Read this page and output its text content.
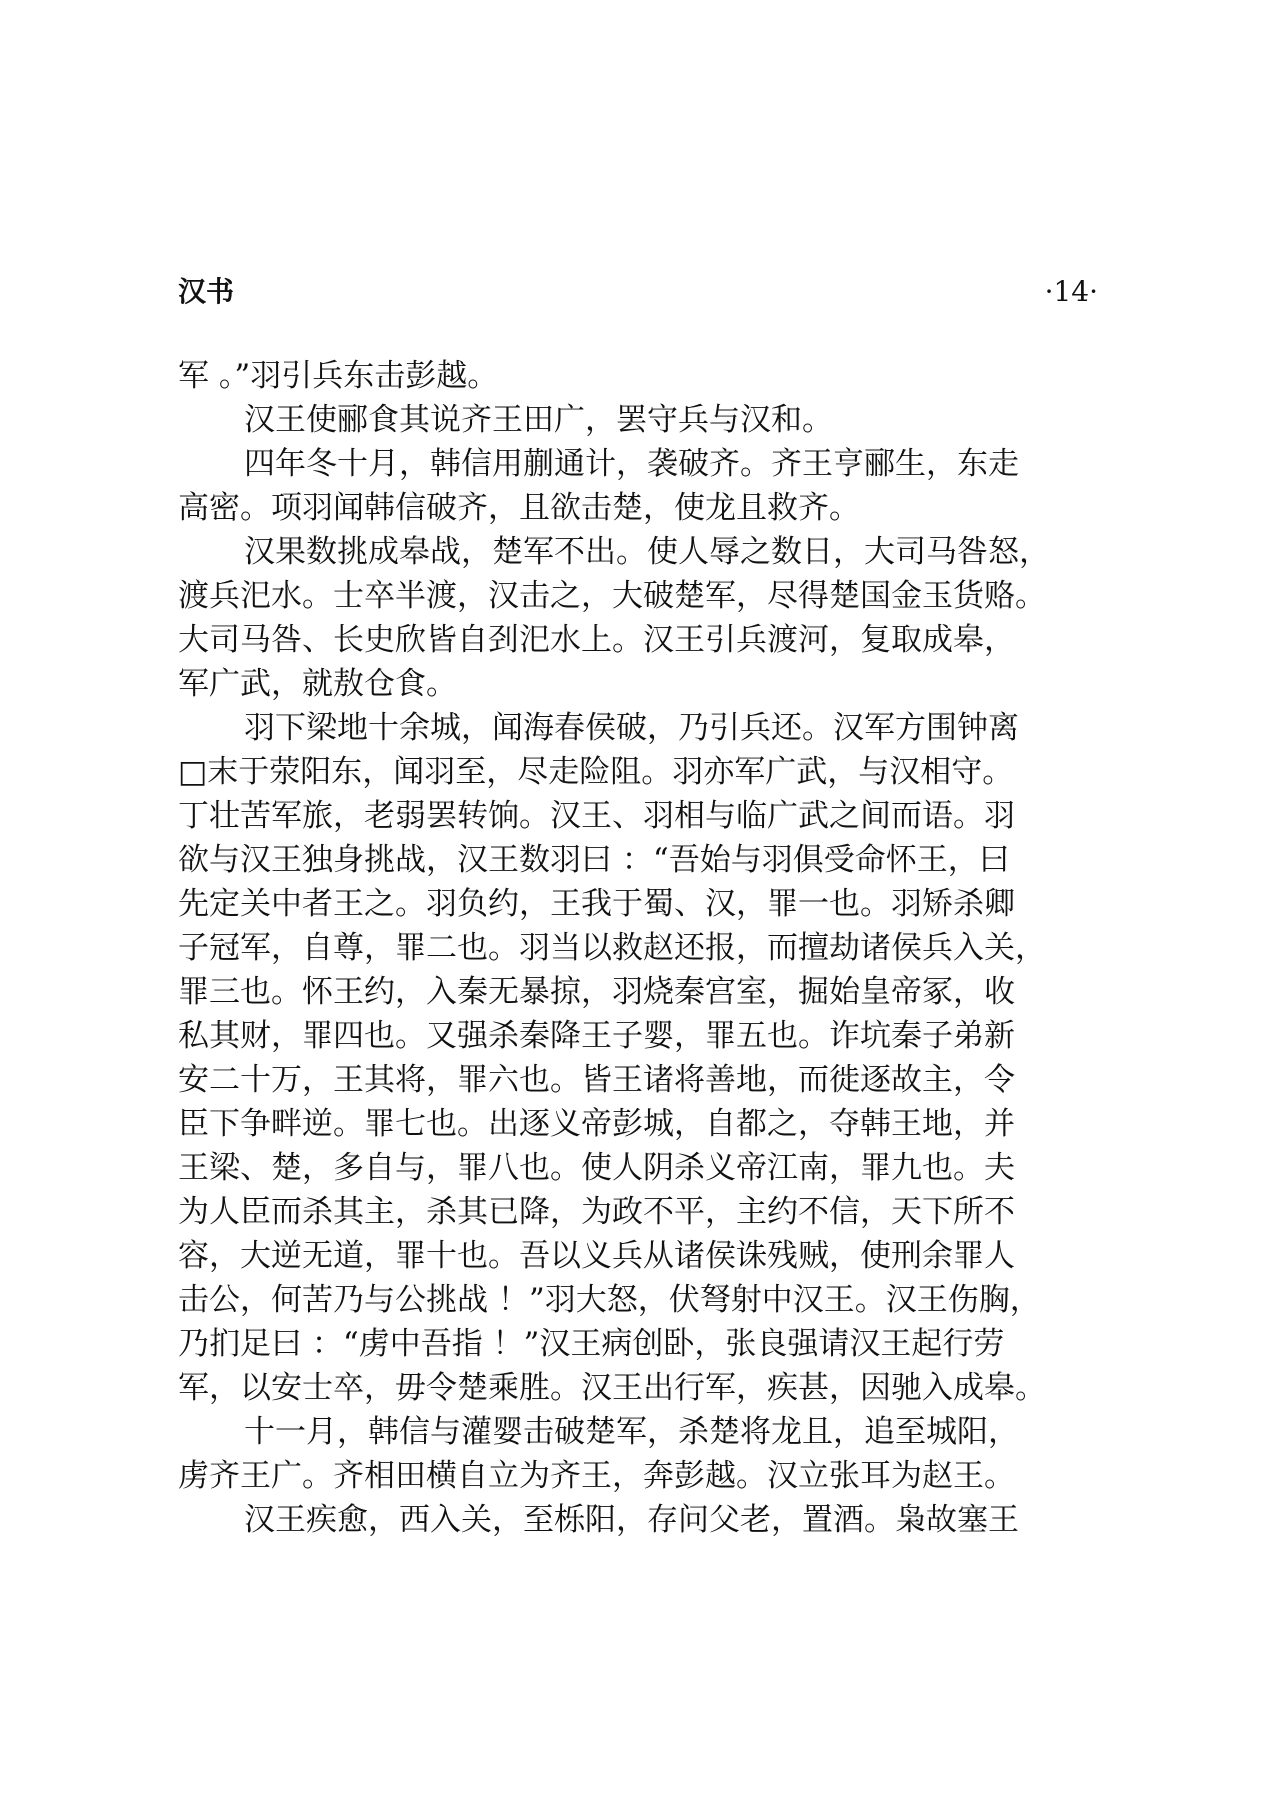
汉书	·14·
军 。”羽引兵东击彭越。
汉王使郦食其说齐王田广，罢守兵与汉和。
四年冬十月，韩信用蒯通计，袭破齐。齐王亨郦生，东走
高密。项羽闻韩信破齐，且欲击楚，使龙且救齐。
汉果数挑成皋战，楚军不出。使人辱之数日，大司马咎怒，
渡兵汜水。士卒半渡，汉击之，大破楚军，尽得楚国金玉货赂。
大司马咎、长史欣皆自刭汜水上。汉王引兵渡河，复取成皋，
军广武，就敖仓食。
羽下梁地十余城，闻海春侯破，乃引兵还。汉军方围钟离
□末于荥阳东，闻羽至，尽走险阻。羽亦军广武，与汉相守。
丁壮苦军旅，老弱罢转饷。汉王、羽相与临广武之间而语。羽
欲与汉王独身挑战，汉王数羽曰 ：“吾始与羽俱受命怀王，曰
先定关中者王之。羽负约，王我于蜀、汉，罪一也。羽矫杀卿
子冠军，自尊，罪二也。羽当以救赵还报，而擅劫诸侯兵入关，
罪三也。怀王约，入秦无暴掠，羽烧秦宫室，掘始皇帝冢，收
私其财，罪四也。又强杀秦降王子婴，罪五也。诈坑秦子弟新
安二十万，王其将，罪六也。皆王诸将善地，而徙逐故主，令
臣下争畔逆。罪七也。出逐义帝彭城，自都之，夺韩王地，并
王梁、楚，多自与，罪八也。使人阴杀义帝江南，罪九也。夫
为人臣而杀其主，杀其已降，为政不平，主约不信，天下所不
容，大逆无道，罪十也。吾以义兵从诸侯诛残贼，使刑余罪人
击公，何苦乃与公挑战 ！”羽大怒，伏弩射中汉王。汉王伤胸，
乃扪足曰 ：“虏中吾指 ！”汉王病创卧，张良强请汉王起行劳
军，以安士卒，毋令楚乘胜。汉王出行军，疾甚，因驰入成皋。
十一月，韩信与灌婴击破楚军，杀楚将龙且，追至城阳，
虏齐王广。齐相田横自立为齐王，奔彭越。汉立张耳为赵王。
汉王疾愈，西入关，至栎阳，存问父老，置酒。枭故塞王
